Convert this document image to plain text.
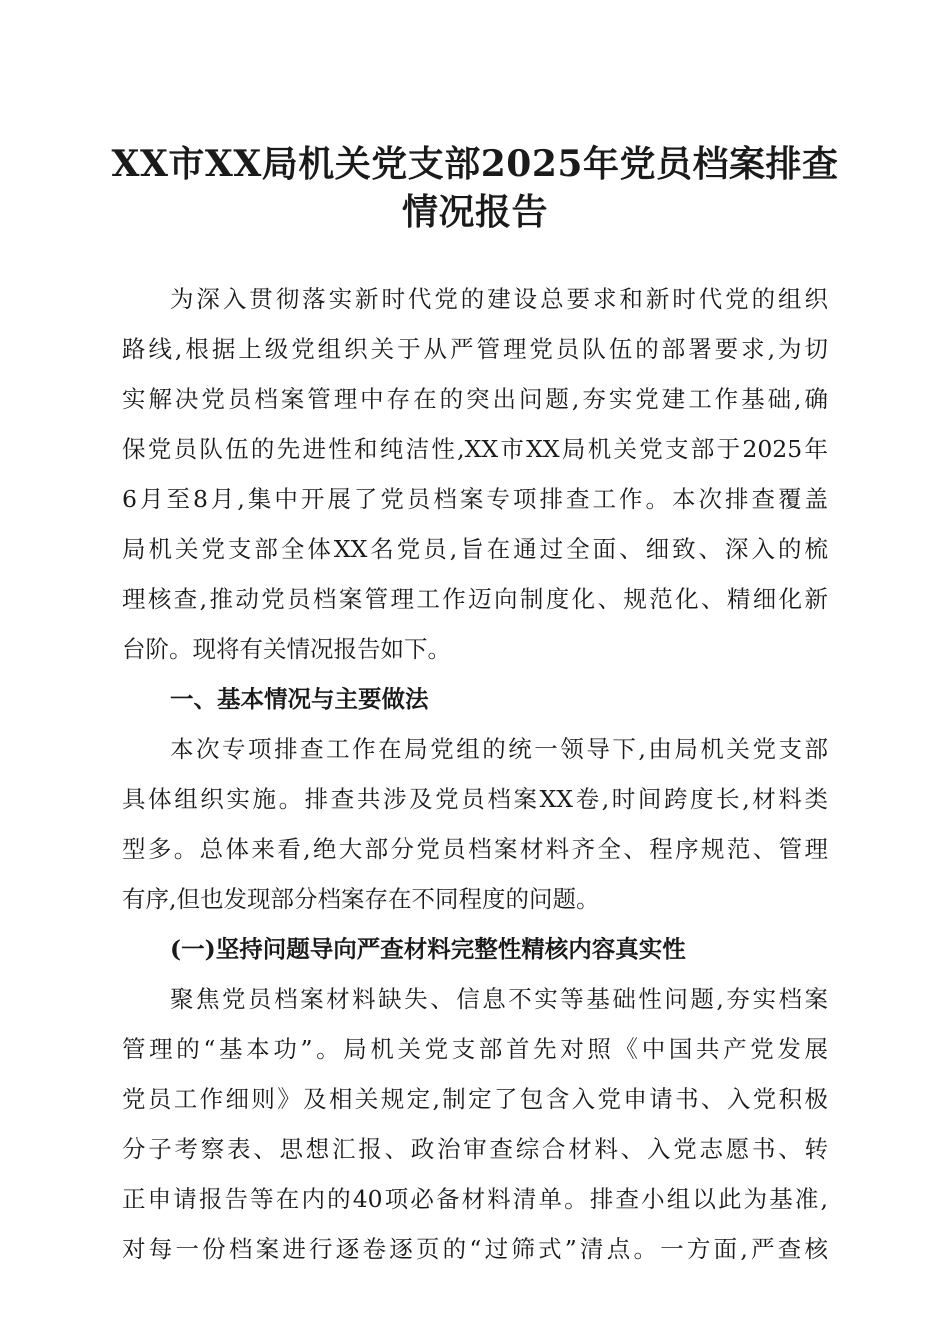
XX市XX局机关党支部2025年党员档案排查
情况报告

为深入贯彻落实新时代党的建设总要求和新时代党的组织

路线,根据上级党组织关于从严管理党员队伍的部署要求,为切

实解决党员档案管理中存在的突出问题,夯实党建工作基础,确

保党员队伍的先进性和纯洁性,XX市XX局机关党支部于2025年

6月至8月,集中开展了党员档案专项排查工作。本次排查覆盖

局机关党支部全体XX名党员,旨在通过全面、细致、深入的梳

理核查,推动党员档案管理工作迈向制度化、规范化、精细化新

台阶。现将有关情况报告如下。

一、基本情况与主要做法

本次专项排查工作在局党组的统一领导下,由局机关党支部

具体组织实施。排查共涉及党员档案XX卷,时间跨度长,材料类

型多。总体来看,绝大部分党员档案材料齐全、程序规范、管理

有序,但也发现部分档案存在不同程度的问题。

(一)坚持问题导向严查材料完整性精核内容真实性

聚焦党员档案材料缺失、信息不实等基础性问题,夯实档案

管理的“基本功”。局机关党支部首先对照《中国共产党发展

党员工作细则》及相关规定,制定了包含入党申请书、入党积极

分子考察表、思想汇报、政治审查综合材料、入党志愿书、转

正申请报告等在内的40项必备材料清单。排查小组以此为基准,

对每一份档案进行逐卷逐页的“过筛式”清点。一方面,严查核
